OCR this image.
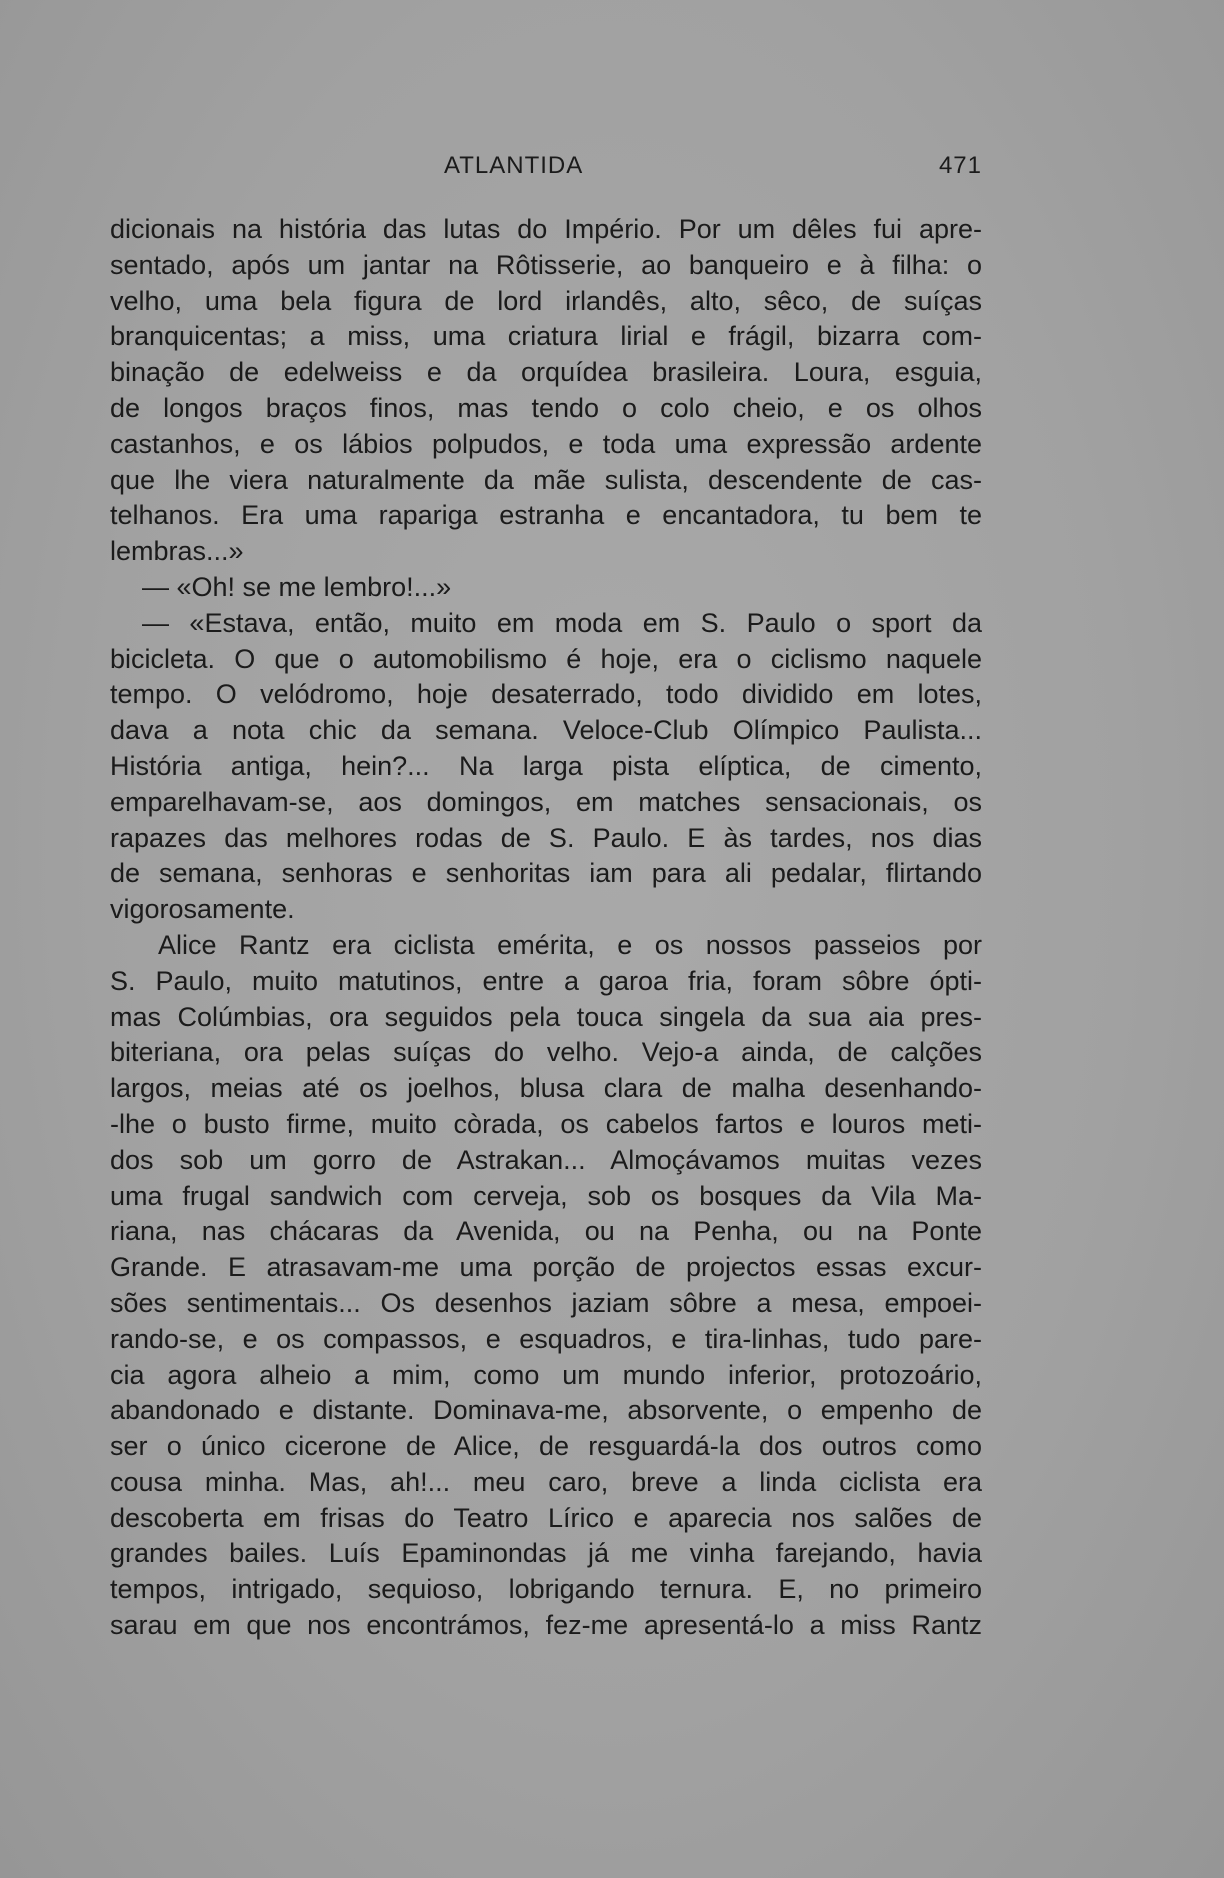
ATLANTIDA	471
dicionais na história das lutas do Império. Por um dêles fui apre-
sentado, após um jantar na Rôtisserie, ao banqueiro e à filha: o
velho, uma bela figura de lord irlandês, alto, sêco, de suíças
branquicentas; a miss, uma criatura lirial e frágil, bizarra com-
binação de edelweiss e da orquídea brasileira. Loura, esguia,
de longos braços finos, mas tendo o colo cheio, e os olhos
castanhos, e os lábios polpudos, e toda uma expressão ardente
que lhe viera naturalmente da mãe sulista, descendente de cas-
telhanos. Era uma rapariga estranha e encantadora, tu bem te
lembras...»
— «Oh! se me lembro!...»
— «Estava, então, muito em moda em S. Paulo o sport da
bicicleta. O que o automobilismo é hoje, era o ciclismo naquele
tempo. O velódromo, hoje desaterrado, todo dividido em lotes,
dava a nota chic da semana. Veloce-Club Olímpico Paulista...
História antiga, hein?... Na larga pista elíptica, de cimento,
emparelhavam-se, aos domingos, em matches sensacionais, os
rapazes das melhores rodas de S. Paulo. E às tardes, nos dias
de semana, senhoras e senhoritas iam para ali pedalar, flirtando
vigorosamente.
Alice Rantz era ciclista emérita, e os nossos passeios por
S. Paulo, muito matutinos, entre a garoa fria, foram sôbre ópti-
mas Colúmbias, ora seguidos pela touca singela da sua aia pres-
biteriana, ora pelas suíças do velho. Vejo-a ainda, de calções
largos, meias até os joelhos, blusa clara de malha desenhando-
-lhe o busto firme, muito còrada, os cabelos fartos e louros meti-
dos sob um gorro de Astrakan... Almoçávamos muitas vezes
uma frugal sandwich com cerveja, sob os bosques da Vila Ma-
riana, nas chácaras da Avenida, ou na Penha, ou na Ponte
Grande. E atrasavam-me uma porção de projectos essas excur-
sões sentimentais... Os desenhos jaziam sôbre a mesa, empoei-
rando-se, e os compassos, e esquadros, e tira-linhas, tudo pare-
cia agora alheio a mim, como um mundo inferior, protozoário,
abandonado e distante. Dominava-me, absorvente, o empenho de
ser o único cicerone de Alice, de resguardá-la dos outros como
cousa minha. Mas, ah!... meu caro, breve a linda ciclista era
descoberta em frisas do Teatro Lírico e aparecia nos salões de
grandes bailes. Luís Epaminondas já me vinha farejando, havia
tempos, intrigado, sequioso, lobrigando ternura. E, no primeiro
sarau em que nos encontrámos, fez-me apresentá-lo a miss Rantz
